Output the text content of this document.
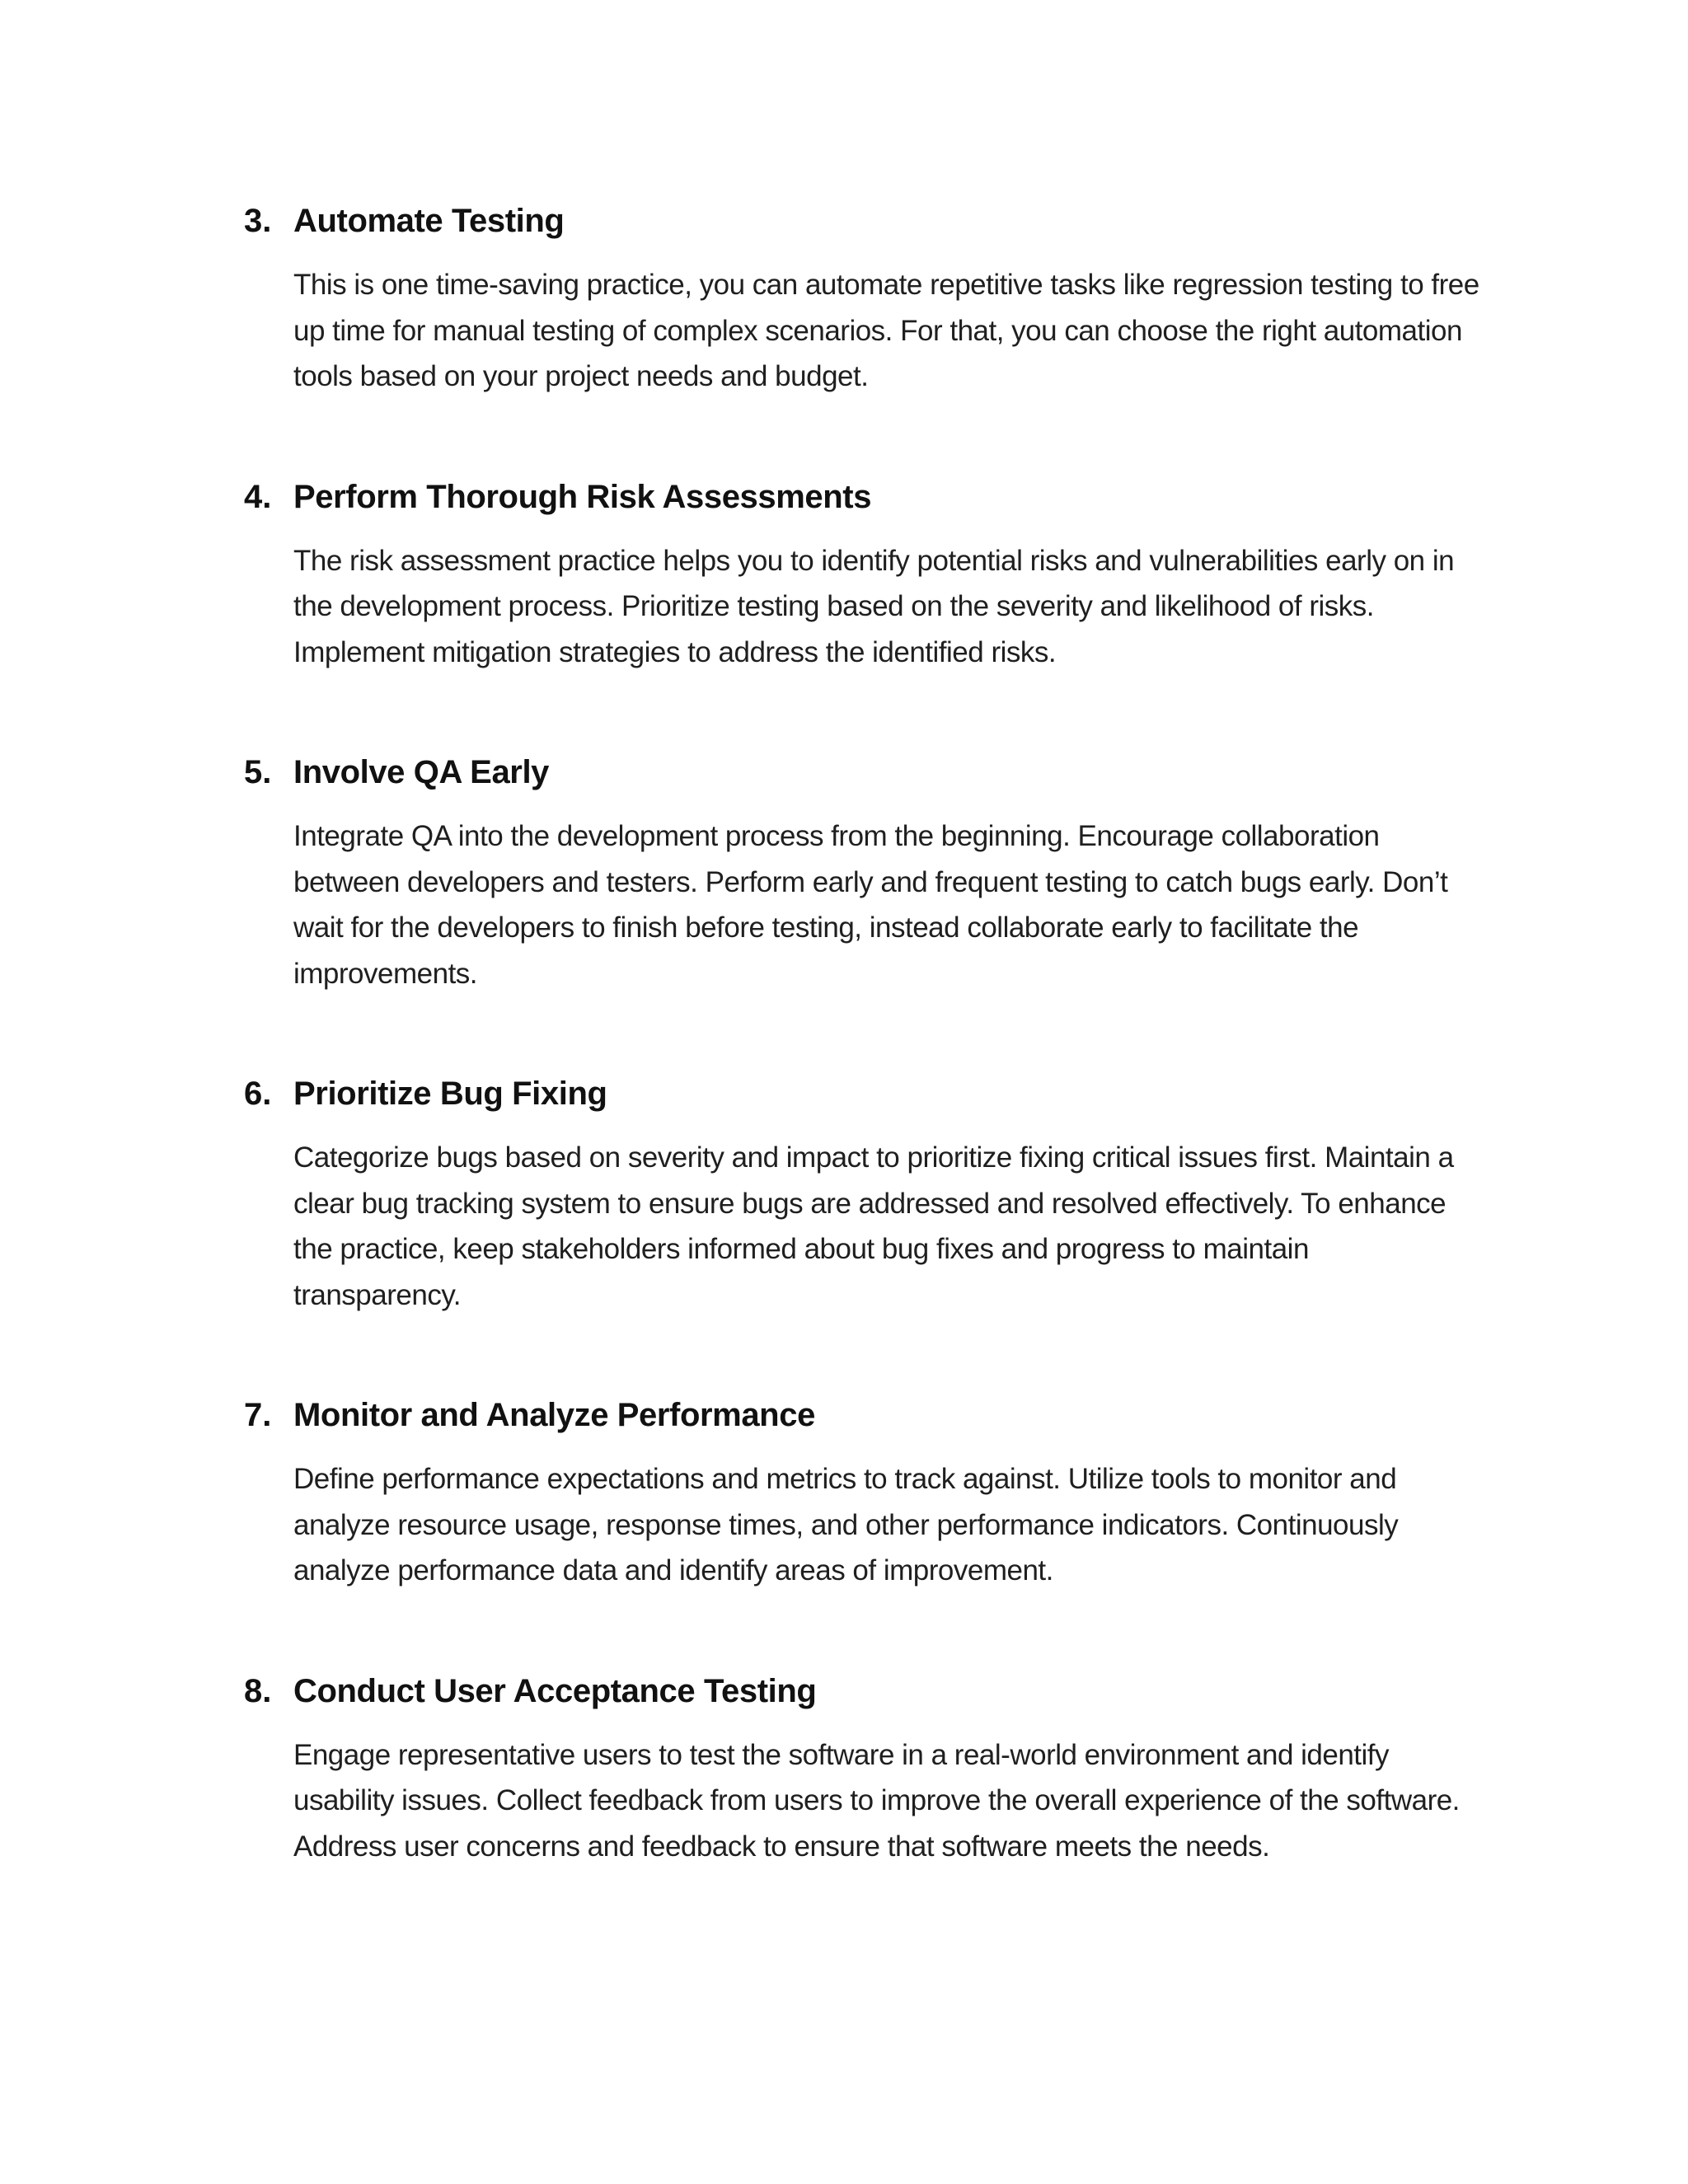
3. Automate Testing
This is one time-saving practice, you can automate repetitive tasks like regression testing to free up time for manual testing of complex scenarios. For that, you can choose the right automation tools based on your project needs and budget.
4. Perform Thorough Risk Assessments
The risk assessment practice helps you to identify potential risks and vulnerabilities early on in the development process. Prioritize testing based on the severity and likelihood of risks. Implement mitigation strategies to address the identified risks.
5. Involve QA Early
Integrate QA into the development process from the beginning. Encourage collaboration between developers and testers. Perform early and frequent testing to catch bugs early. Don’t wait for the developers to finish before testing, instead collaborate early to facilitate the improvements.
6. Prioritize Bug Fixing
Categorize bugs based on severity and impact to prioritize fixing critical issues first. Maintain a clear bug tracking system to ensure bugs are addressed and resolved effectively. To enhance the practice, keep stakeholders informed about bug fixes and progress to maintain transparency.
7. Monitor and Analyze Performance
Define performance expectations and metrics to track against. Utilize tools to monitor and analyze resource usage, response times, and other performance indicators. Continuously analyze performance data and identify areas of improvement.
8. Conduct User Acceptance Testing
Engage representative users to test the software in a real-world environment and identify usability issues. Collect feedback from users to improve the overall experience of the software. Address user concerns and feedback to ensure that software meets the needs.
